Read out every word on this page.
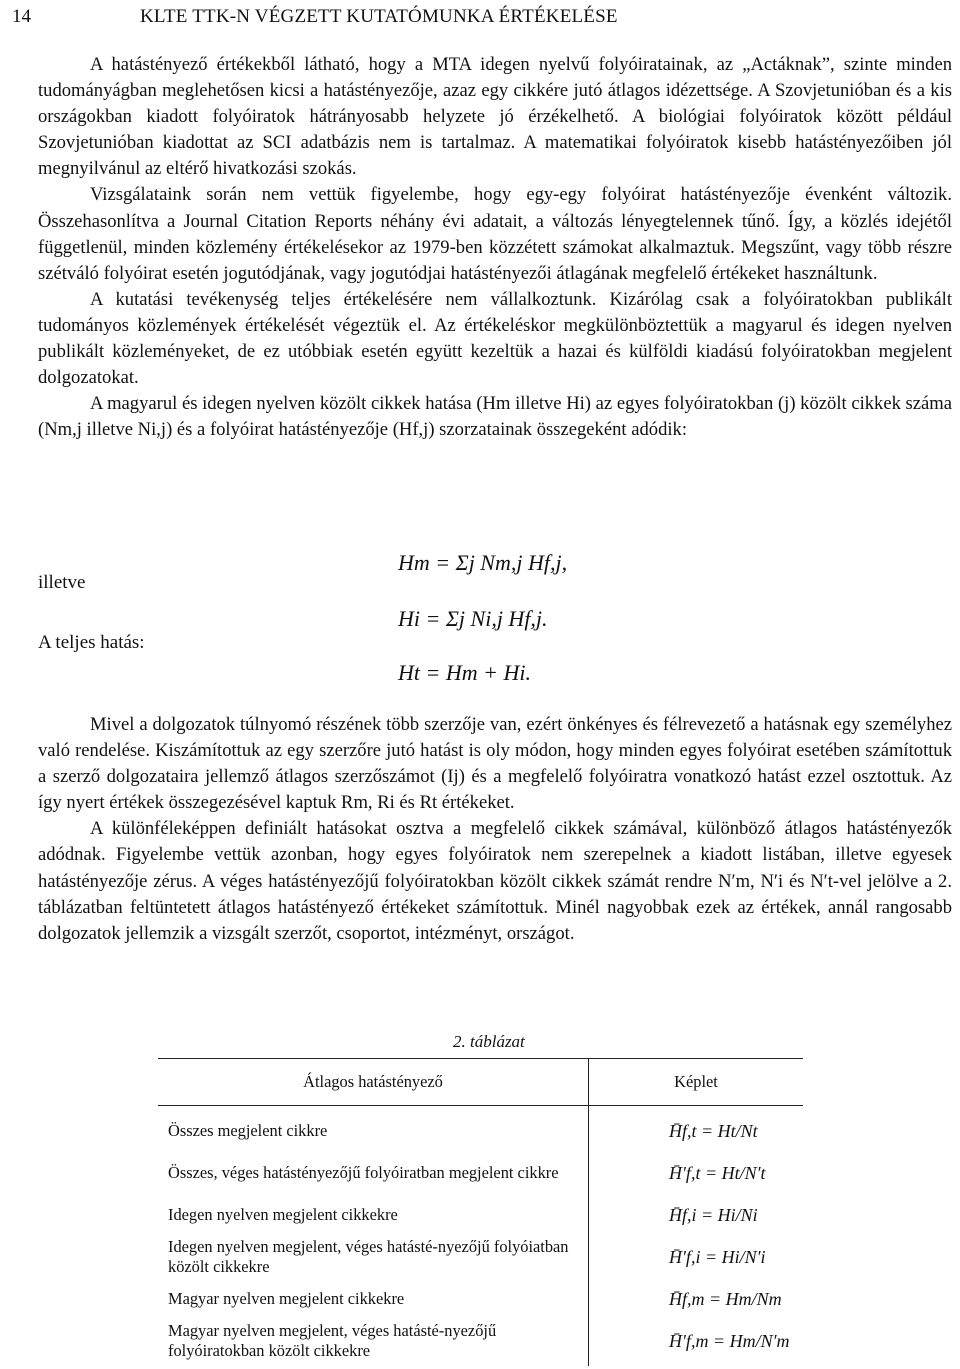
14	KLTE TTK-N VÉGZETT KUTATÓMUNKA ÉRTÉKELÉSE

A hatástényező értékekből látható, hogy a MTA idegen nyelvű folyóiratainak, az „Actáknak”, szinte minden tudományágban meglehetősen kicsi a hatástényezője, azaz egy cikkére jutó átlagos idézettsége. A Szovjetunióban és a kis országokban kiadott folyóiratok hátrányosabb helyzete jó érzékelhető. A biológiai folyóiratok között például Szovjetunióban kiadottat az SCI adatbázis nem is tartalmaz. A matematikai folyóiratok kisebb hatástényezőiben jól megnyilvánul az eltérő hivatkozási szokás.

Vizsgálataink során nem vettük figyelembe, hogy egy-egy folyóirat hatástényezője évenként változik. Összehasonlítva a Journal Citation Reports néhány évi adatait, a változás lényegtelennek tűnő. Így, a közlés idejétől függetlenül, minden közlemény értékelésekor az 1979-ben közzétett számokat alkalmaztuk. Megszűnt, vagy több részre szétváló folyóirat esetén jogutódjának, vagy jogutódjai hatástényezői átlagának megfelelő értékeket használtunk.

A kutatási tevékenység teljes értékelésére nem vállalkoztunk. Kizárólag csak a folyóiratokban publikált tudományos közlemények értékelését végeztük el. Az értékeléskor megkülönböztettük a magyarul és idegen nyelven publikált közleményeket, de ez utóbbiak esetén együtt kezeltük a hazai és külföldi kiadású folyóiratokban megjelent dolgozatokat.

A magyarul és idegen nyelven közölt cikkek hatása (Hm illetve Hi) az egyes folyóiratokban (j) közölt cikkek száma (Nm,j illetve Ni,j) és a folyóirat hatástényezője (Hf,j) szorzatainak összegeként adódik:

illetve
A teljes hatás:
Hm = Σj Nm,j Hf,j,
Hi = Σj Ni,j Hf,j.
Ht = Hm + Hi.

Mivel a dolgozatok túlnyomó részének több szerzője van, ezért önkényes és félrevezető a hatásnak egy személyhez való rendelése. Kiszámítottuk az egy szerzőre jutó hatást is oly módon, hogy minden egyes folyóirat esetében számítottuk a szerző dolgozataira jellemző átlagos szerzőszámot (Ij) és a megfelelő folyóiratra vonatkozó hatást ezzel osztottuk. Az így nyert értékek összegezésével kaptuk Rm, Ri és Rt értékeket.

A különféleképpen definiált hatásokat osztva a megfelelő cikkek számával, különböző átlagos hatástényezők adódnak. Figyelembe vettük azonban, hogy egyes folyóiratok nem szerepelnek a kiadott listában, illetve egyesek hatástényezője zérus. A véges hatástényezőjű folyóiratokban közölt cikkek számát rendre N′m, N′i és N′t-vel jelölve a 2. táblázatban feltüntetett átlagos hatástényező értékeket számítottuk. Minél nagyobbak ezek az értékek, annál rangosabb dolgozatok jellemzik a vizsgált szerzőt, csoportot, intézményt, országot.

2. táblázat
Átlagos hatástényező	Képlet
Összes megjelent cikkre	H̄f,t = Ht/Nt
Összes, véges hatástényezőjű folyóiratban megjelent cikkre	H̄′f,t = Ht/N′t
Idegen nyelven megjelent cikkekre	H̄f,i = Hi/Ni
Idegen nyelven megjelent, véges hatásté-nyezőjű folyóiatban közölt cikkekre	H̄′f,i = Hi/N′i
Magyar nyelven megjelent cikkekre	H̄f,m = Hm/Nm
Magyar nyelven megjelent, véges hatásté-nyezőjű folyóiratokban közölt cikkekre	H̄′f,m = Hm/N′m
